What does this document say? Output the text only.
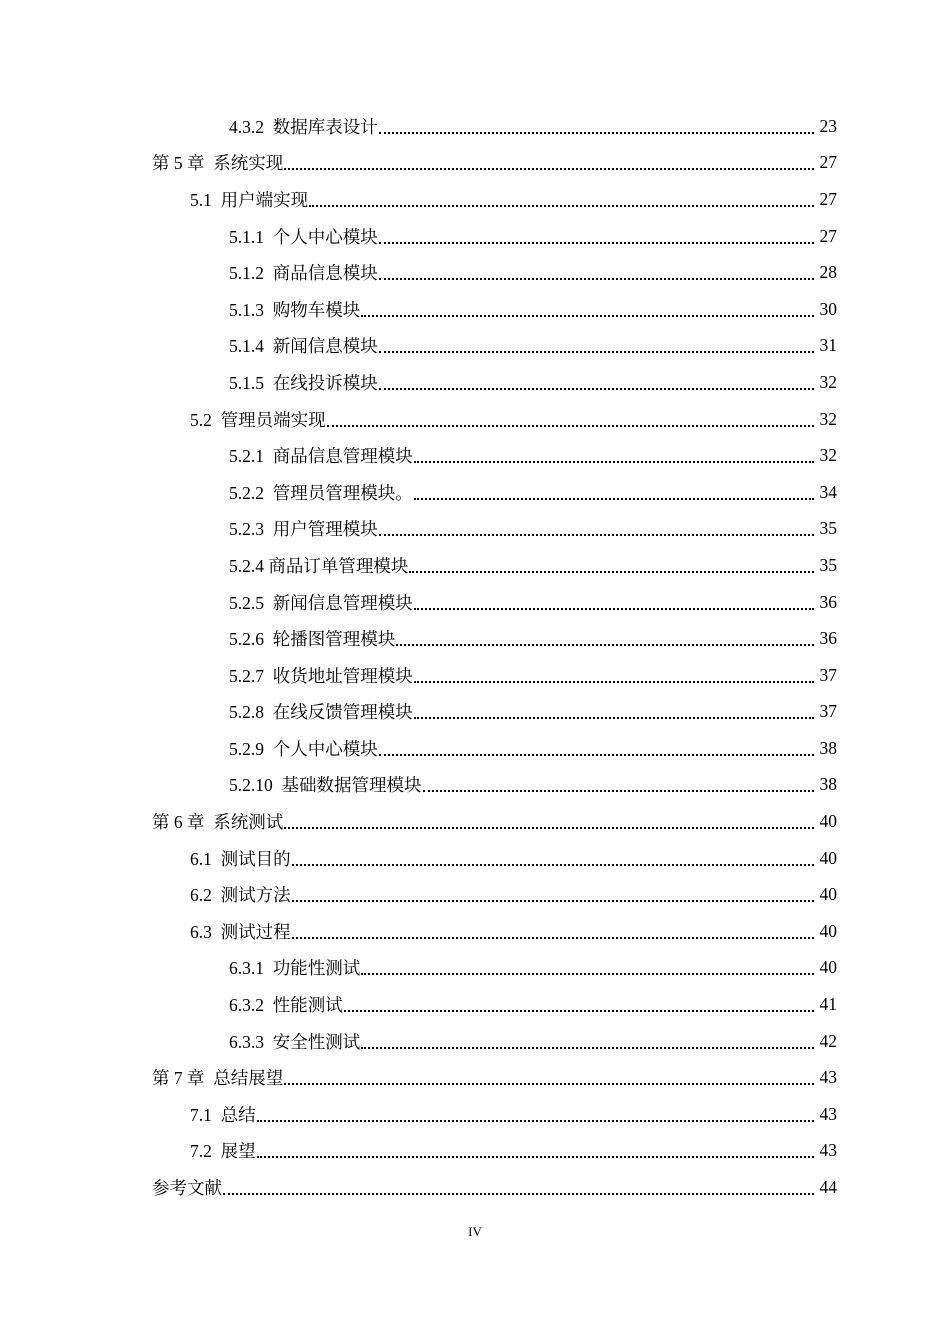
4.3.2  数据库表设计	23
第 5 章  系统实现	27
5.1  用户端实现	27
5.1.1  个人中心模块	27
5.1.2  商品信息模块	28
5.1.3  购物车模块	30
5.1.4  新闻信息模块	31
5.1.5  在线投诉模块	32
5.2  管理员端实现	32
5.2.1  商品信息管理模块	32
5.2.2  管理员管理模块。	34
5.2.3  用户管理模块	35
5.2.4 商品订单管理模块	35
5.2.5  新闻信息管理模块	36
5.2.6  轮播图管理模块	36
5.2.7  收货地址管理模块	37
5.2.8  在线反馈管理模块	37
5.2.9  个人中心模块	38
5.2.10  基础数据管理模块	38
第 6 章  系统测试	40
6.1  测试目的	40
6.2  测试方法	40
6.3  测试过程	40
6.3.1  功能性测试	40
6.3.2  性能测试	41
6.3.3  安全性测试	42
第 7 章  总结展望	43
7.1  总结	43
7.2  展望	43
参考文献	44
IV
